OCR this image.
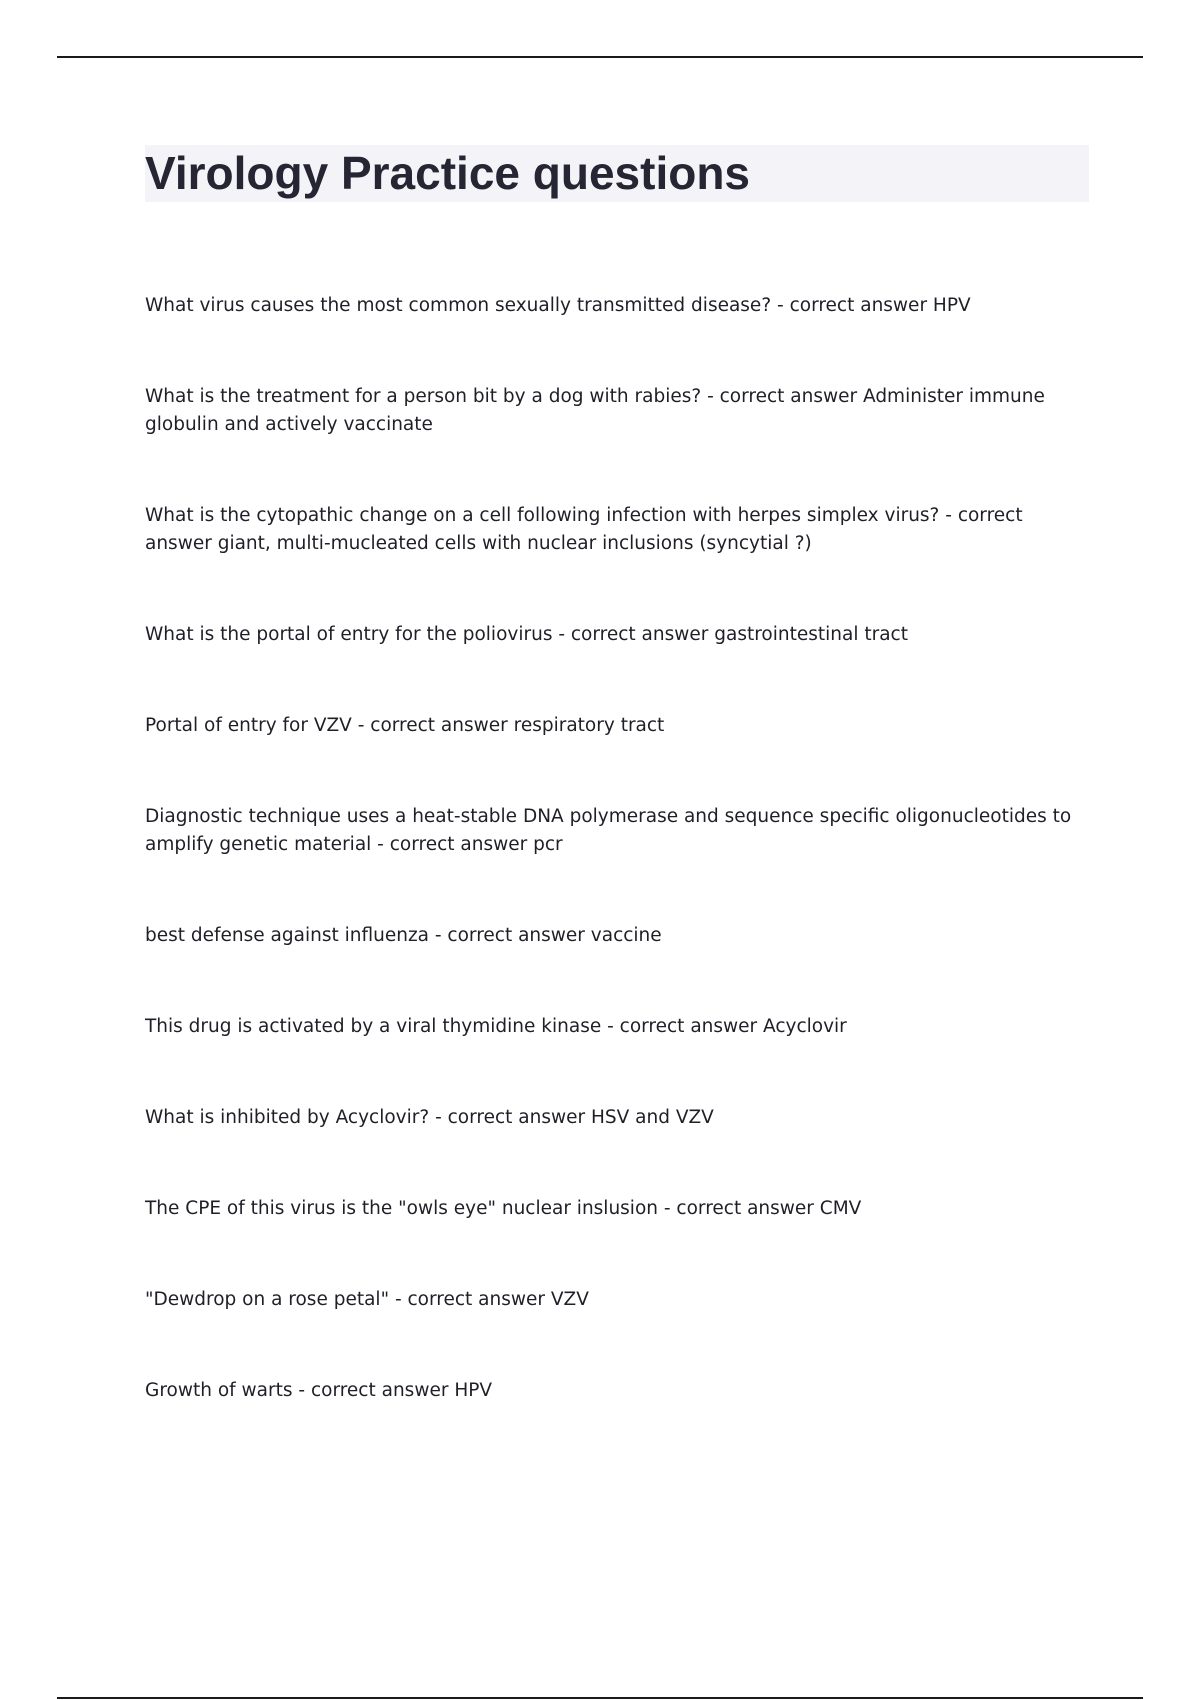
Virology Practice questions
What virus causes the most common sexually transmitted disease? - correct answer HPV
What is the treatment for a person bit by a dog with rabies? - correct answer Administer immune globulin and actively vaccinate
What is the cytopathic change on a cell following infection with herpes simplex virus? - correct answer giant, multi-mucleated cells with nuclear inclusions (syncytial ?)
What is the portal of entry for the poliovirus - correct answer gastrointestinal tract
Portal of entry for VZV - correct answer respiratory tract
Diagnostic technique uses a heat-stable DNA polymerase and sequence specific oligonucleotides to amplify genetic material - correct answer pcr
best defense against influenza - correct answer vaccine
This drug is activated by a viral thymidine kinase - correct answer Acyclovir
What is inhibited by Acyclovir? - correct answer HSV and VZV
The CPE of this virus is the "owls eye" nuclear inslusion - correct answer CMV
"Dewdrop on a rose petal" - correct answer VZV
Growth of warts - correct answer HPV
